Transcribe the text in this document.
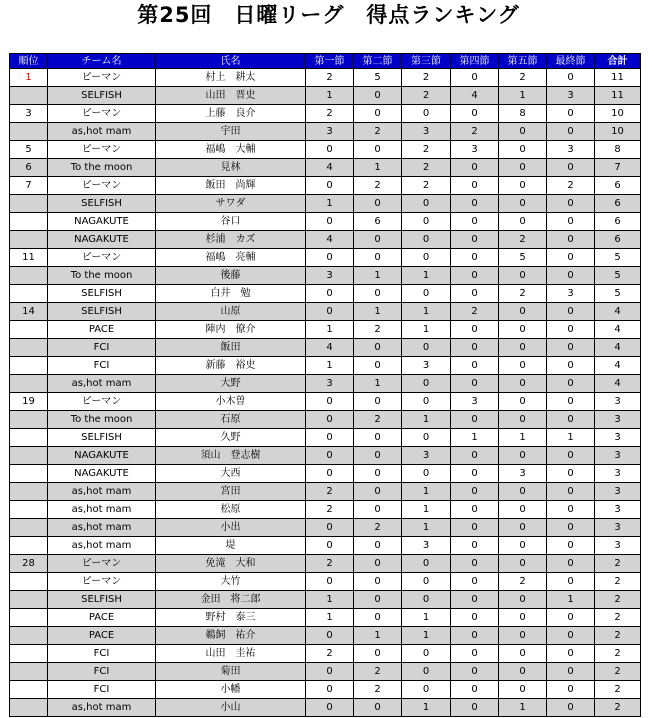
第25回　日曜リーグ　得点ランキング
順位	チーム名	氏名	第一節	第二節	第三節	第四節	第五節	最終節	合計
1	ピーマン	村上　耕太	2	5	2	0	2	0	11
	SELFISH	山田　晋史	1	0	2	4	1	3	11
3	ピーマン	上藤　良介	2	0	0	0	8	0	10
	as,hot mam	宇田	3	2	3	2	0	0	10
5	ピーマン	福嶋　大輔	0	0	2	3	0	3	8
6	To the moon	見林	4	1	2	0	0	0	7
7	ピーマン	飯田　尚輝	0	2	2	0	0	2	6
	SELFISH	サワダ	1	0	0	0	0	0	6
	NAGAKUTE	谷口	0	6	0	0	0	0	6
	NAGAKUTE	杉浦　カズ	4	0	0	0	2	0	6
11	ピーマン	福嶋　亮輔	0	0	0	0	5	0	5
	To the moon	後藤	3	1	1	0	0	0	5
	SELFISH	白井　勉	0	0	0	0	2	3	5
14	SELFISH	山原	0	1	1	2	0	0	4
	PACE	陣内　僚介	1	2	1	0	0	0	4
	FCI	飯田	4	0	0	0	0	0	4
	FCI	新藤　裕史	1	0	3	0	0	0	4
	as,hot mam	大野	3	1	0	0	0	0	4
19	ピーマン	小木曽	0	0	0	3	0	0	3
	To the moon	石原	0	2	1	0	0	0	3
	SELFISH	久野	0	0	0	1	1	1	3
	NAGAKUTE	須山　登志樹	0	0	3	0	0	0	3
	NAGAKUTE	大西	0	0	0	0	3	0	3
	as,hot mam	宮田	2	0	1	0	0	0	3
	as,hot mam	松原	2	0	1	0	0	0	3
	as,hot mam	小出	0	2	1	0	0	0	3
	as,hot mam	堤	0	0	3	0	0	0	3
28	ピーマン	免滝　大和	2	0	0	0	0	0	2
	ピーマン	大竹	0	0	0	0	2	0	2
	SELFISH	金田　将二郎	1	0	0	0	0	1	2
	PACE	野村　泰三	1	0	1	0	0	0	2
	PACE	鵜飼　祐介	0	1	1	0	0	0	2
	FCI	山田　圭祐	2	0	0	0	0	0	2
	FCI	菊田	0	2	0	0	0	0	2
	FCI	小幡	0	2	0	0	0	0	2
	as,hot mam	小山	0	0	1	0	1	0	2
